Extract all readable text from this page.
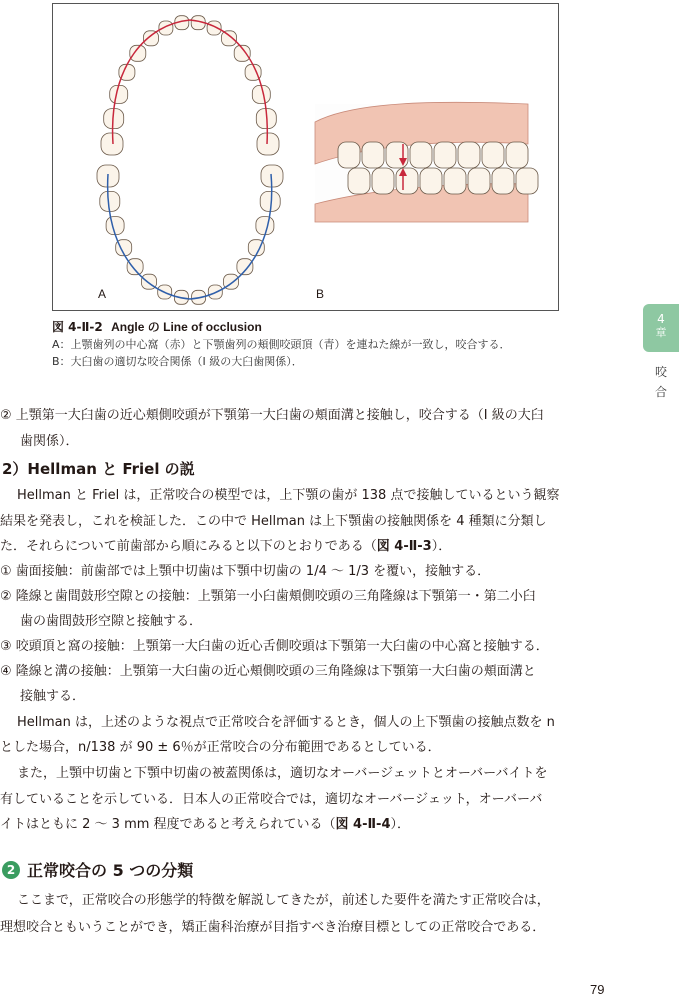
A	B
図 4-Ⅱ-2 Angle の Line of occlusion
A：上顎歯列の中心窩（赤）と下顎歯列の頬側咬頭頂（青）を連ねた線が一致し，咬合する．
B：大臼歯の適切な咬合関係（I 級の大臼歯関係）．
4
章
咬
合
② 上顎第一大臼歯の近心頬側咬頭が下顎第一大臼歯の頬面溝と接触し，咬合する（I 級の大臼
歯関係）．
2）Hellman と Friel の説
Hellman と Friel は，正常咬合の模型では，上下顎の歯が 138 点で接触しているという観察
結果を発表し，これを検証した．この中で Hellman は上下顎歯の接触関係を 4 種類に分類し
た．それらについて前歯部から順にみると以下のとおりである（図 4-Ⅱ-3）．
① 歯面接触：前歯部では上顎中切歯は下顎中切歯の 1/4 ～ 1/3 を覆い，接触する．
② 隆線と歯間鼓形空隙との接触：上顎第一小臼歯頬側咬頭の三角隆線は下顎第一・第二小臼
歯の歯間鼓形空隙と接触する．
③ 咬頭頂と窩の接触：上顎第一大臼歯の近心舌側咬頭は下顎第一大臼歯の中心窩と接触する．
④ 隆線と溝の接触：上顎第一大臼歯の近心頬側咬頭の三角隆線は下顎第一大臼歯の頬面溝と
接触する．
Hellman は，上述のような視点で正常咬合を評価するとき，個人の上下顎歯の接触点数を n
とした場合，n/138 が 90 ± 6％が正常咬合の分布範囲であるとしている．
また，上顎中切歯と下顎中切歯の被蓋関係は，適切なオーバージェットとオーバーバイトを
有していることを示している．日本人の正常咬合では，適切なオーバージェット，オーバーバ
イトはともに 2 ～ 3 mm 程度であると考えられている（図 4-Ⅱ-4）．
2 正常咬合の 5 つの分類
ここまで，正常咬合の形態学的特徴を解説してきたが，前述した要件を満たす正常咬合は，
理想咬合ともいうことができ，矯正歯科治療が目指すべき治療目標としての正常咬合である．
79
